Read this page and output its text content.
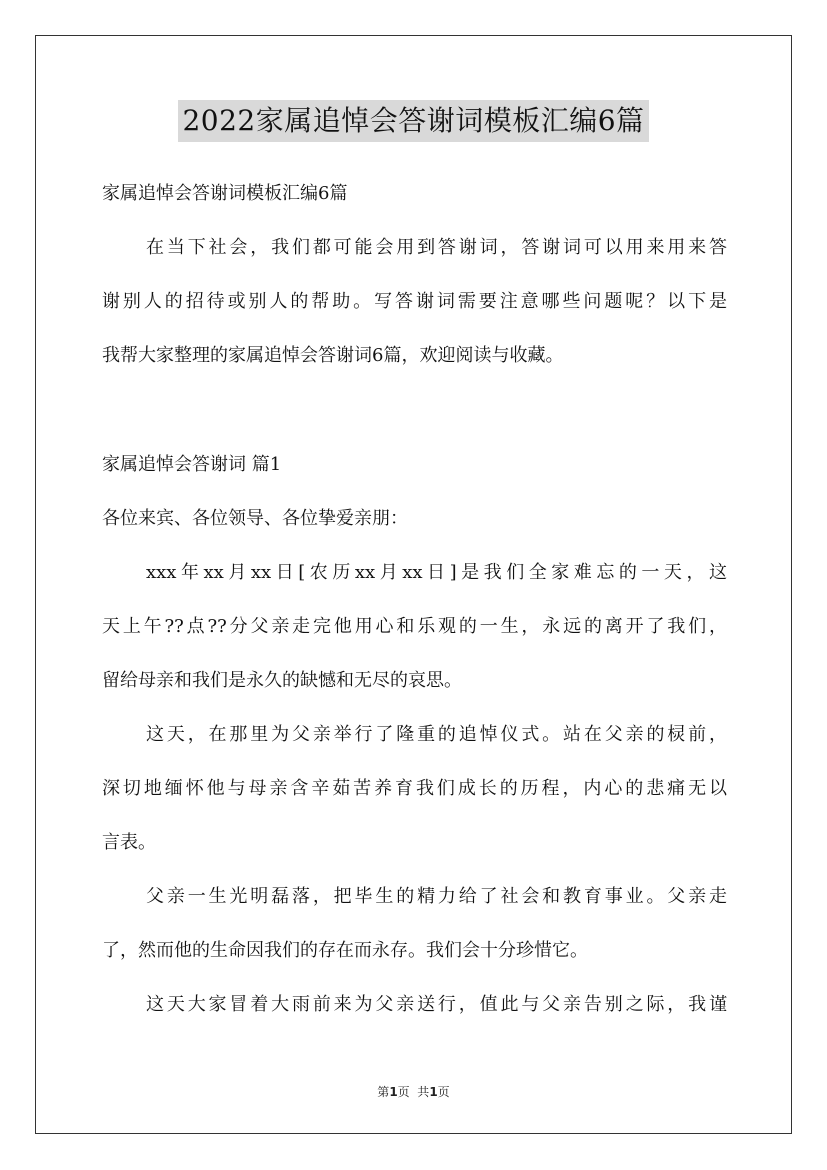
2022家属追悼会答谢词模板汇编6篇
家属追悼会答谢词模板汇编6篇
在当下社会，我们都可能会用到答谢词，答谢词可以用来用来答
谢别人的招待或别人的帮助。写答谢词需要注意哪些问题呢？以下是
我帮大家整理的家属追悼会答谢词6篇，欢迎阅读与收藏。
家属追悼会答谢词 篇1
各位来宾、各位领导、各位挚爱亲朋：
xxx年xx月xx日[农历xx月xx日]是我们全家难忘的一天，这
天上午??点??分父亲走完他用心和乐观的一生，永远的离开了我们，
留给母亲和我们是永久的缺憾和无尽的哀思。
这天，在那里为父亲举行了隆重的追悼仪式。站在父亲的棂前，
深切地缅怀他与母亲含辛茹苦养育我们成长的历程，内心的悲痛无以
言表。
父亲一生光明磊落，把毕生的精力给了社会和教育事业。父亲走
了，然而他的生命因我们的存在而永存。我们会十分珍惜它。
这天大家冒着大雨前来为父亲送行，值此与父亲告别之际，我谨
第1页  共1页
